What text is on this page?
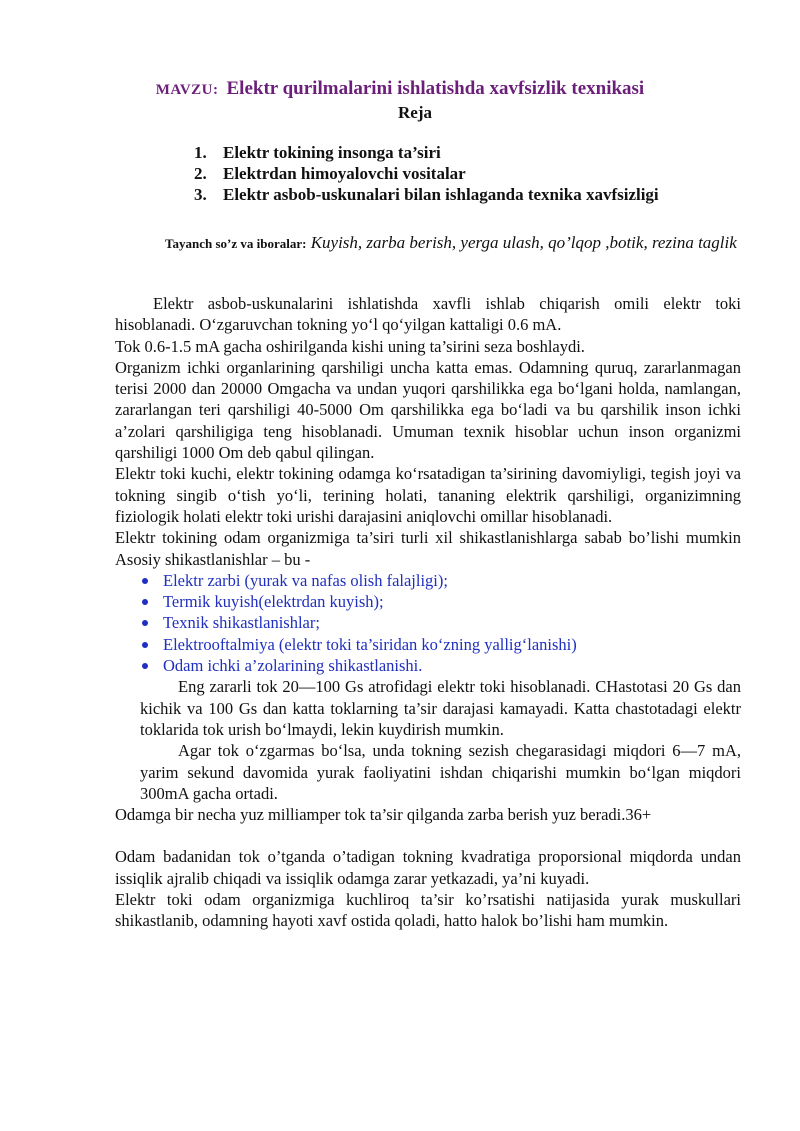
MAVZU: Elektr qurilmalarini ishlatishda xavfsizlik texnikasi
Reja
1. Elektr tokining insonga ta’siri
2. Elektrdan himoyalovchi vositalar
3. Elektr asbob-uskunalari bilan ishlaganda texnika xavfsizligi
Tayanch so’z va iboralar: Kuyish, zarba berish, yerga ulash, qo’lqop ,botik, rezina taglik

Elektr asbob-uskunalarini ishlatishda xavfli ishlab chiqarish omili elektr toki hisoblanadi. O‘zgaruvchan tokning yo‘l qo‘yilgan kattaligi 0.6 mA.

Tok 0.6-1.5 mA gacha oshirilganda kishi uning ta’sirini seza boshlaydi.

Organizm ichki organlarining qarshiligi uncha katta emas. Odamning quruq, zararlanmagan terisi 2000 dan 20000 Omgacha va undan yuqori qarshilikka ega bo‘lgani holda, namlangan, zararlangan teri qarshiligi 40-5000 Om qarshilikka ega bo‘ladi va bu qarshilik inson ichki a’zolari qarshiligiga teng hisoblanadi. Umuman texnik hisoblar uchun inson organizmi qarshiligi 1000 Om deb qabul qilingan.

Elektr toki kuchi, elektr tokining odamga ko‘rsatadigan ta’sirining davomiyligi, tegish joyi va tokning singib o‘tish yo‘li, terining holati, tananing elektrik qarshiligi, organizimning fiziologik holati elektr toki urishi darajasini aniqlovchi omillar hisoblanadi.

Elektr tokining odam organizmiga ta’siri turli xil shikastlanishlarga sabab bo’lishi mumkin Asosiy shikastlanishlar – bu -

Elektr zarbi (yurak va nafas olish falajligi);
Termik kuyish(elektrdan kuyish);
Texnik shikastlanishlar;
Elektrooftalmiya (elektr toki ta’siridan ko‘zning yallig‘lanishi)
Odam ichki a’zolarining shikastlanishi.

Eng zararli tok 20—100 Gs atrofidagi elektr toki hisoblanadi. CHastotasi 20 Gs dan kichik va 100 Gs dan katta toklarning ta’sir darajasi kamayadi. Katta chastotadagi elektr toklarida tok urish bo‘lmaydi, lekin kuydirish mumkin.

Agar tok o‘zgarmas bo‘lsa, unda tokning sezish chegarasidagi miqdori 6—7 mA, yarim sekund davomida yurak faoliyatini ishdan chiqarishi mumkin bo‘lgan miqdori 300mA gacha ortadi.

Odamga bir necha yuz milliamper tok ta’sir qilganda zarba berish yuz beradi.36+

Odam badanidan tok o’tganda o’tadigan tokning kvadratiga proporsional miqdorda undan issiqlik ajralib chiqadi va issiqlik odamga zarar yetkazadi, ya’ni kuyadi.

Elektr toki odam organizmiga kuchliroq ta’sir ko’rsatishi natijasida yurak muskullari shikastlanib, odamning hayoti xavf ostida qoladi, hatto halok bo’lishi ham mumkin.
